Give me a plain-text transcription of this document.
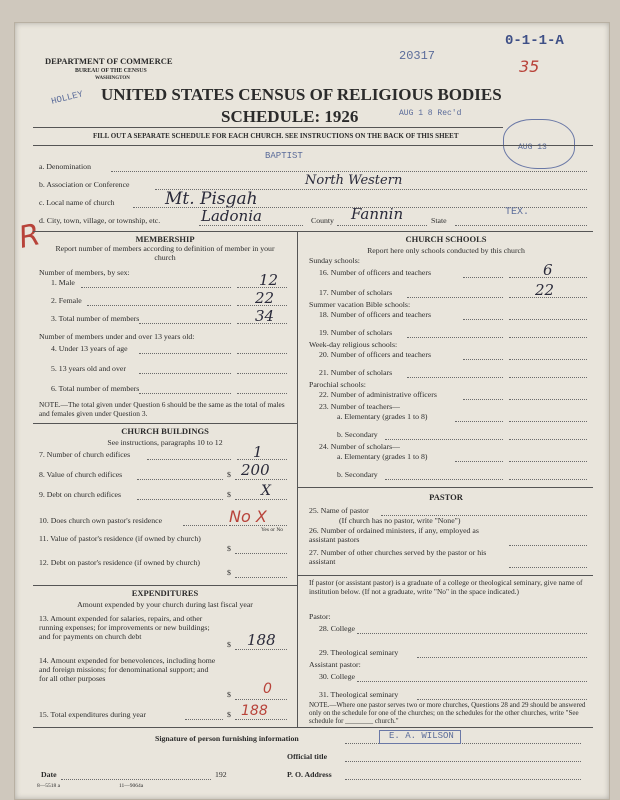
DEPARTMENT OF COMMERCE
BUREAU OF THE CENSUS
WASHINGTON
20317
0-1-1-A
35
HOLLEY UNITED STATES CENSUS OF RELIGIOUS BODIES
SCHEDULE: 1926	AUG 1 8 Rec'd
AUG 13
FILL OUT A SEPARATE SCHEDULE FOR EACH CHURCH. SEE INSTRUCTIONS ON THE BACK OF THIS SHEET
BAPTIST
a. Denomination
North Western
b. Association or Conference
Mt. Pisgah
c. Local name of church
R
Ladonia
d. City, town, village, or township, etc.	County Fannin	State
TEX.
MEMBERSHIP
Report number of members according to definition of member in your church
Number of members, by sex:
1. Male	12
2. Female	22
3. Total number of members	34
Number of members under and over 13 years old:
4. Under 13 years of age
5. 13 years old and over
6. Total number of members
NOTE.—The total given under Question 6 should be the same as the total of males and females given under Question 3.
CHURCH BUILDINGS
See instructions, paragraphs 10 to 12
7. Number of church edifices	1
8. Value of church edifices	$ 200
9. Debt on church edifices	$ X
10. Does church own pastor's residence	No X
Yes or No
11. Value of pastor's residence (if owned by church)
$
12. Debt on pastor's residence (if owned by church)
$
EXPENDITURES
Amount expended by your church during last fiscal year
13. Amount expended for salaries, repairs, and other running expenses; for improvements or new buildings; and for payments on church debt
$ 188
14. Amount expended for benevolences, including home and foreign missions; for denominational support; and for all other purposes
$ 0
15. Total expenditures during year	$ 188
CHURCH SCHOOLS
Report here only schools conducted by this church
Sunday schools:
16. Number of officers and teachers	6
17. Number of scholars	22
Summer vacation Bible schools:
18. Number of officers and teachers
19. Number of scholars
Week-day religious schools:
20. Number of officers and teachers
21. Number of scholars
Parochial schools:
22. Number of administrative officers
23. Number of teachers—
a. Elementary (grades 1 to 8)
b. Secondary
24. Number of scholars—
a. Elementary (grades 1 to 8)
b. Secondary
PASTOR
25. Name of pastor
(If church has no pastor, write "None")
26. Number of ordained ministers, if any, employed as assistant pastors
27. Number of other churches served by the pastor or his assistant
If pastor (or assistant pastor) is a graduate of a college or theological seminary, give name of institution below. (If not a graduate, write "No" in the space indicated.)
Pastor:
28. College
29. Theological seminary
Assistant pastor:
30. College
31. Theological seminary
NOTE.—Where one pastor serves two or more churches, Questions 28 and 29 should be answered only on the schedule for one of the churches; on the schedules for the other churches, write "See schedule for ________ church."
Signature of person furnishing information	E. A. WILSON
Official title
Date	192	P. O. Address
8—5518 a	11—9064a
